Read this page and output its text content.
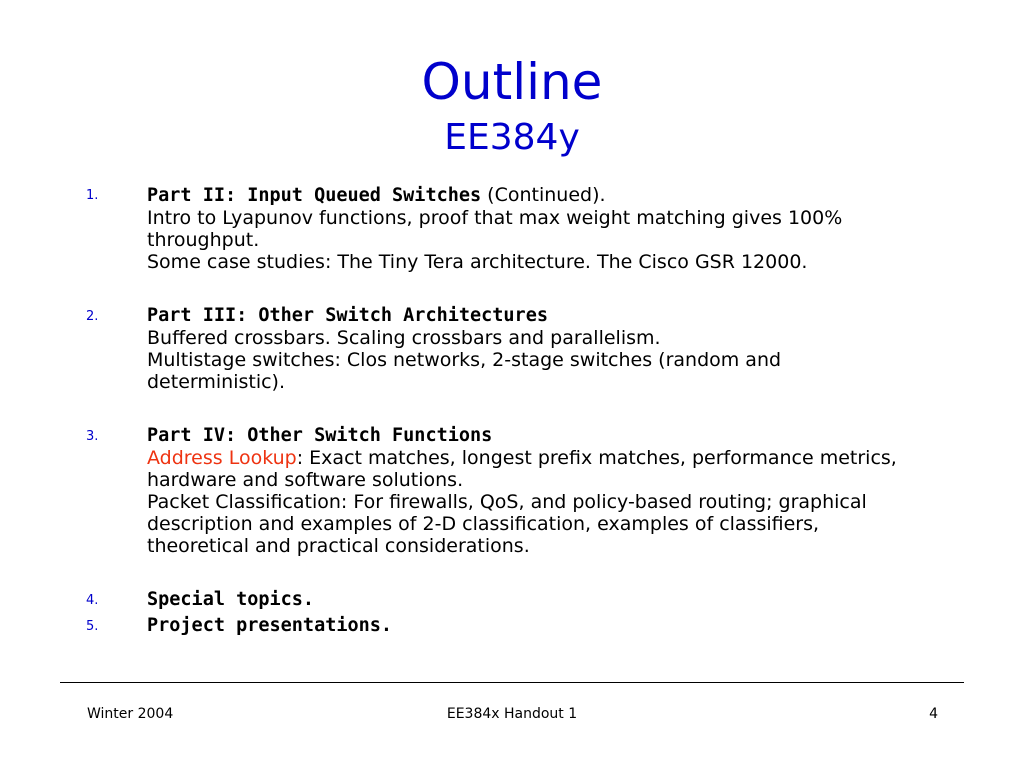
Outline
EE384y
1.	Part II: Input Queued Switches (Continued).
Intro to Lyapunov functions, proof that max weight matching gives 100% throughput.
Some case studies: The Tiny Tera architecture. The Cisco GSR 12000.
2.	Part III: Other Switch Architectures
Buffered crossbars. Scaling crossbars and parallelism.
Multistage switches: Clos networks, 2-stage switches (random and deterministic).
3.	Part IV: Other Switch Functions
Address Lookup: Exact matches, longest prefix matches, performance metrics, hardware and software solutions.
Packet Classification: For firewalls, QoS, and policy-based routing; graphical description and examples of 2-D classification, examples of classifiers, theoretical and practical considerations.
4.	Special topics.
5.	Project presentations.
Winter 2004	EE384x Handout 1	4
